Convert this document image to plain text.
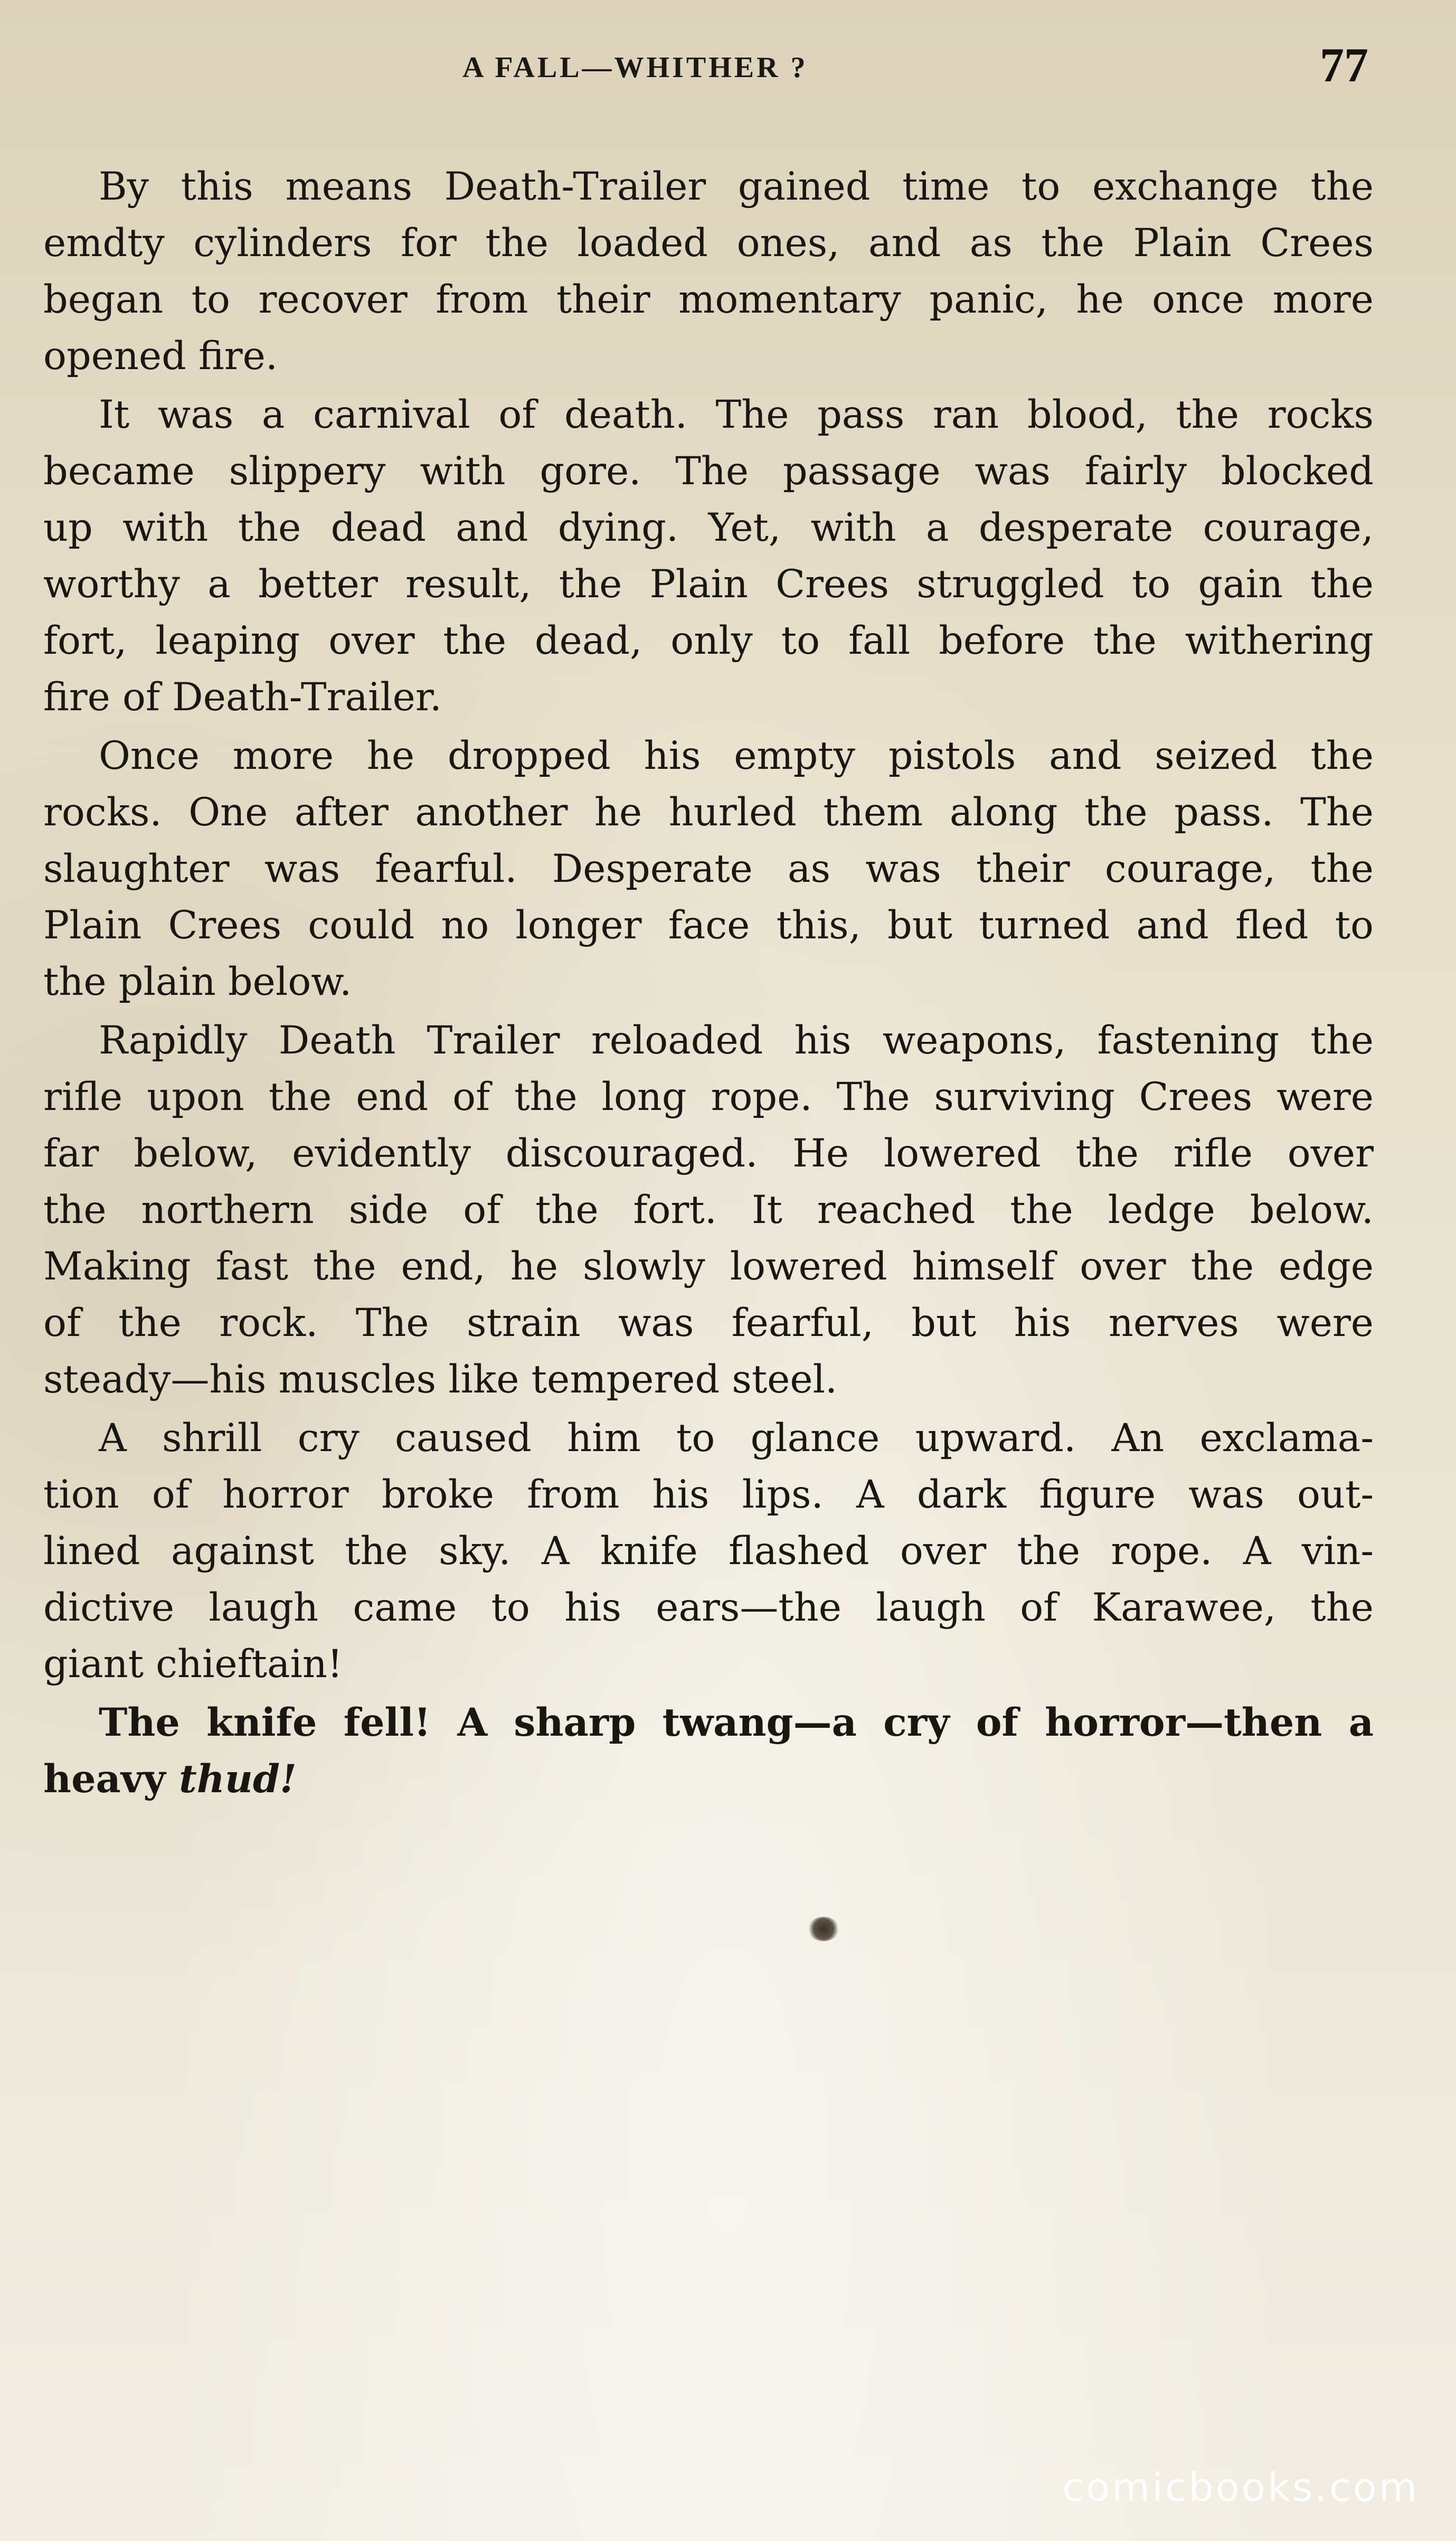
A FALL—WHITHER ?	77

By this means Death-Trailer gained time to exchange the
emdty cylinders for the loaded ones, and as the Plain Crees
began to recover from their momentary panic, he once more
opened fire.

It was a carnival of death. The pass ran blood, the rocks
became slippery with gore. The passage was fairly blocked
up with the dead and dying. Yet, with a desperate courage,
worthy a better result, the Plain Crees struggled to gain the
fort, leaping over the dead, only to fall before the withering
fire of Death-Trailer.

Once more he dropped his empty pistols and seized the
rocks. One after another he hurled them along the pass. The
slaughter was fearful. Desperate as was their courage, the
Plain Crees could no longer face this, but turned and fled to
the plain below.

Rapidly Death Trailer reloaded his weapons, fastening the
rifle upon the end of the long rope. The surviving Crees were
far below, evidently discouraged. He lowered the rifle over
the northern side of the fort. It reached the ledge below.
Making fast the end, he slowly lowered himself over the edge
of the rock. The strain was fearful, but his nerves were
steady—his muscles like tempered steel.

A shrill cry caused him to glance upward. An exclama-
tion of horror broke from his lips. A dark figure was out-
lined against the sky. A knife flashed over the rope. A vin-
dictive laugh came to his ears—the laugh of Karawee, the
giant chieftain!

The knife fell! A sharp twang—a cry of horror—then a
heavy thud!

comicbooks.com
